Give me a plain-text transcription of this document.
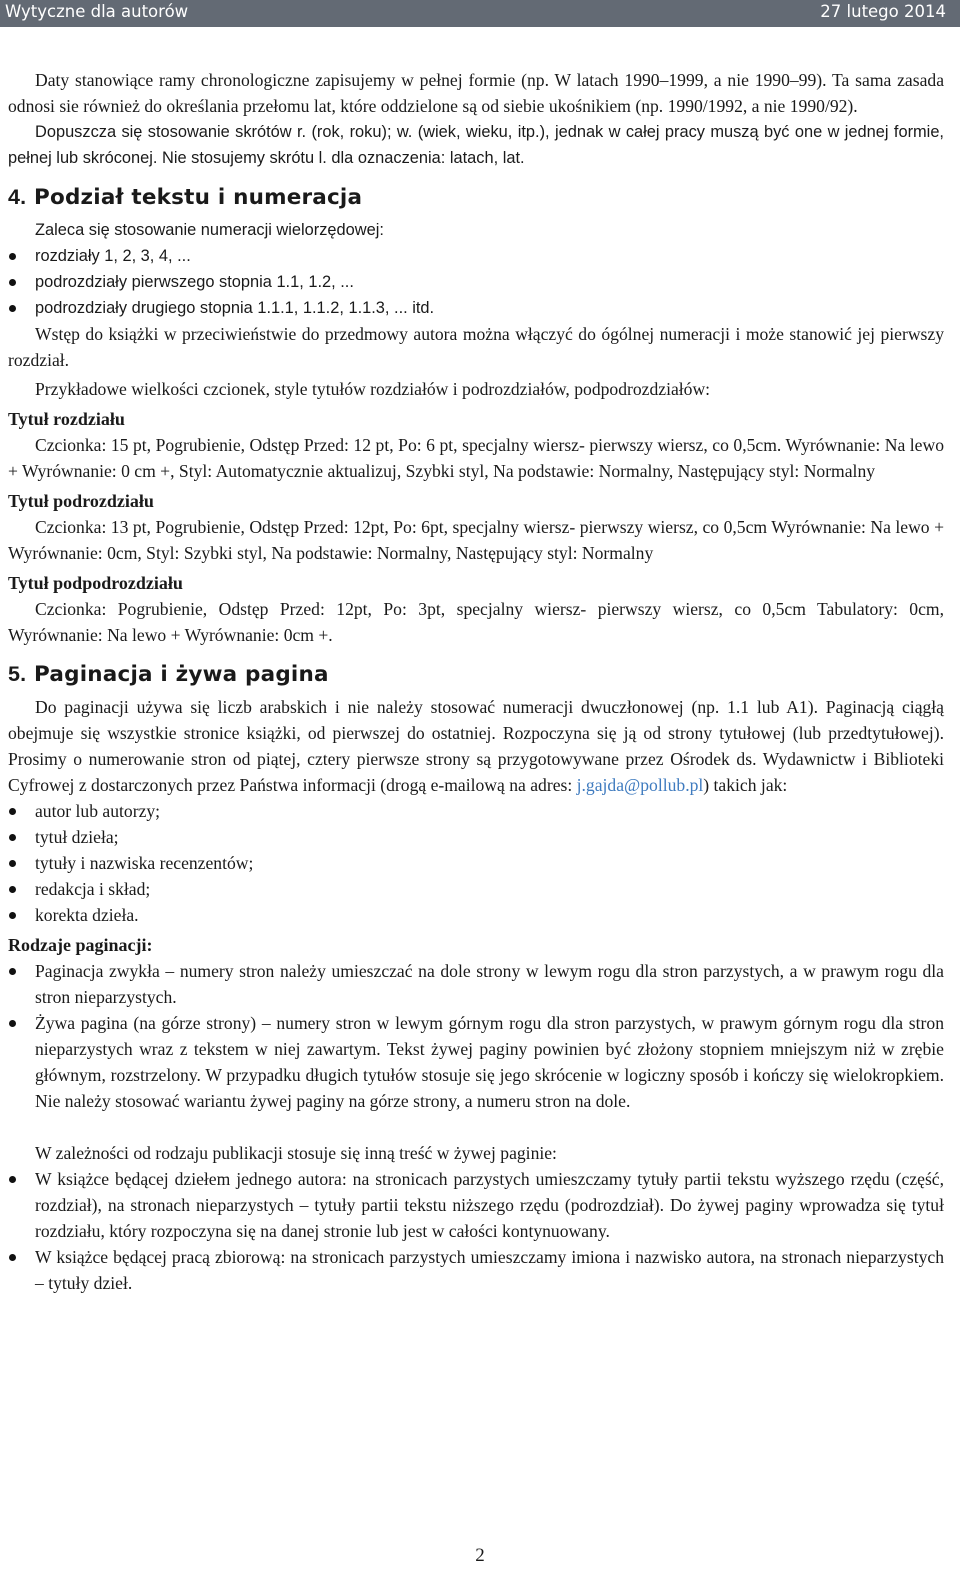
Wytyczne dla autorów	27 lutego 2014

Daty stanowiące ramy chronologiczne zapisujemy w pełnej formie (np. W latach 1990–1999, a nie 1990–99). Ta sama zasada odnosi sie również do określania przełomu lat, które oddzielone są od siebie ukośnikiem (np. 1990/1992, a nie 1990/92).

Dopuszcza się stosowanie skrótów r. (rok, roku); w. (wiek, wieku, itp.), jednak w całej pracy muszą być one w jednej formie, pełnej lub skróconej. Nie stosujemy skrótu l. dla oznaczenia: latach, lat.

4. Podział tekstu i numeracja

Zaleca się stosowanie numeracji wielorzędowej:

rozdziały 1, 2, 3, 4, ...
podrozdziały pierwszego stopnia 1.1, 1.2, ...
podrozdziały drugiego stopnia 1.1.1, 1.1.2, 1.1.3, ... itd.

Wstęp do książki w przeciwieństwie do przedmowy autora można włączyć do ógólnej numeracji i może stanowić jej pierwszy rozdział.

Przykładowe wielkości czcionek, style tytułów rozdziałów i podrozdziałów, podpodrozdziałów:

Tytuł rozdziału

Czcionka: 15 pt, Pogrubienie, Odstęp Przed: 12 pt, Po: 6 pt, specjalny wiersz- pierwszy wiersz, co 0,5cm. Wyrównanie: Na lewo + Wyrównanie: 0 cm +, Styl: Automatycznie aktualizuj, Szybki styl, Na podstawie: Normalny, Następujący styl: Normalny

Tytuł podrozdziału

Czcionka: 13 pt, Pogrubienie, Odstęp Przed: 12pt, Po: 6pt, specjalny wiersz- pierwszy wiersz, co 0,5cm Wyrównanie: Na lewo + Wyrównanie: 0cm, Styl: Szybki styl, Na podstawie: Normalny, Następujący styl: Normalny

Tytuł podpodrozdziału

Czcionka: Pogrubienie, Odstęp Przed: 12pt, Po: 3pt, specjalny wiersz- pierwszy wiersz, co 0,5cm Tabulatory: 0cm, Wyrównanie: Na lewo + Wyrównanie: 0cm +.

5. Paginacja i żywa pagina

Do paginacji używa się liczb arabskich i nie należy stosować numeracji dwuczłonowej (np. 1.1 lub A1). Paginacją ciągłą obejmuje się wszystkie stronice książki, od pierwszej do ostatniej. Rozpoczyna się ją od strony tytułowej (lub przedtytułowej). Prosimy o numerowanie stron od piątej, cztery pierwsze strony są przygotowywane przez Ośrodek ds. Wydawnictw i Biblioteki Cyfrowej z dostarczonych przez Państwa informacji (drogą e-mailową na adres: j.gajda@pollub.pl) takich jak:

autor lub autorzy;
tytuł dzieła;
tytuły i nazwiska recenzentów;
redakcja i skład;
korekta dzieła.
Rodzaje paginacji:
Paginacja zwykła – numery stron należy umieszczać na dole strony w lewym rogu dla stron parzystych, a w prawym rogu dla stron nieparzystych.
Żywa pagina (na górze strony) – numery stron w lewym górnym rogu dla stron parzystych, w prawym górnym rogu dla stron nieparzystych wraz z tekstem w niej zawartym. Tekst żywej paginy powinien być złożony stopniem mniejszym niż w zrębie głównym, rozstrzelony. W przypadku długich tytułów stosuje się jego skrócenie w logiczny sposób i kończy się wielokropkiem. Nie należy stosować wariantu żywej paginy na górze strony, a numeru stron na dole.

W zależności od rodzaju publikacji stosuje się inną treść w żywej paginie:

W książce będącej dziełem jednego autora: na stronicach parzystych umieszczamy tytuły partii tekstu wyższego rzędu (część, rozdział), na stronach nieparzystych – tytuły partii tekstu niższego rzędu (podrozdział). Do żywej paginy wprowadza się tytuł rozdziału, który rozpoczyna się na danej stronie lub jest w całości kontynuowany.
W książce będącej pracą zbiorową: na stronicach parzystych umieszczamy imiona i nazwisko autora, na stronach nieparzystych – tytuły dzieł.
2
